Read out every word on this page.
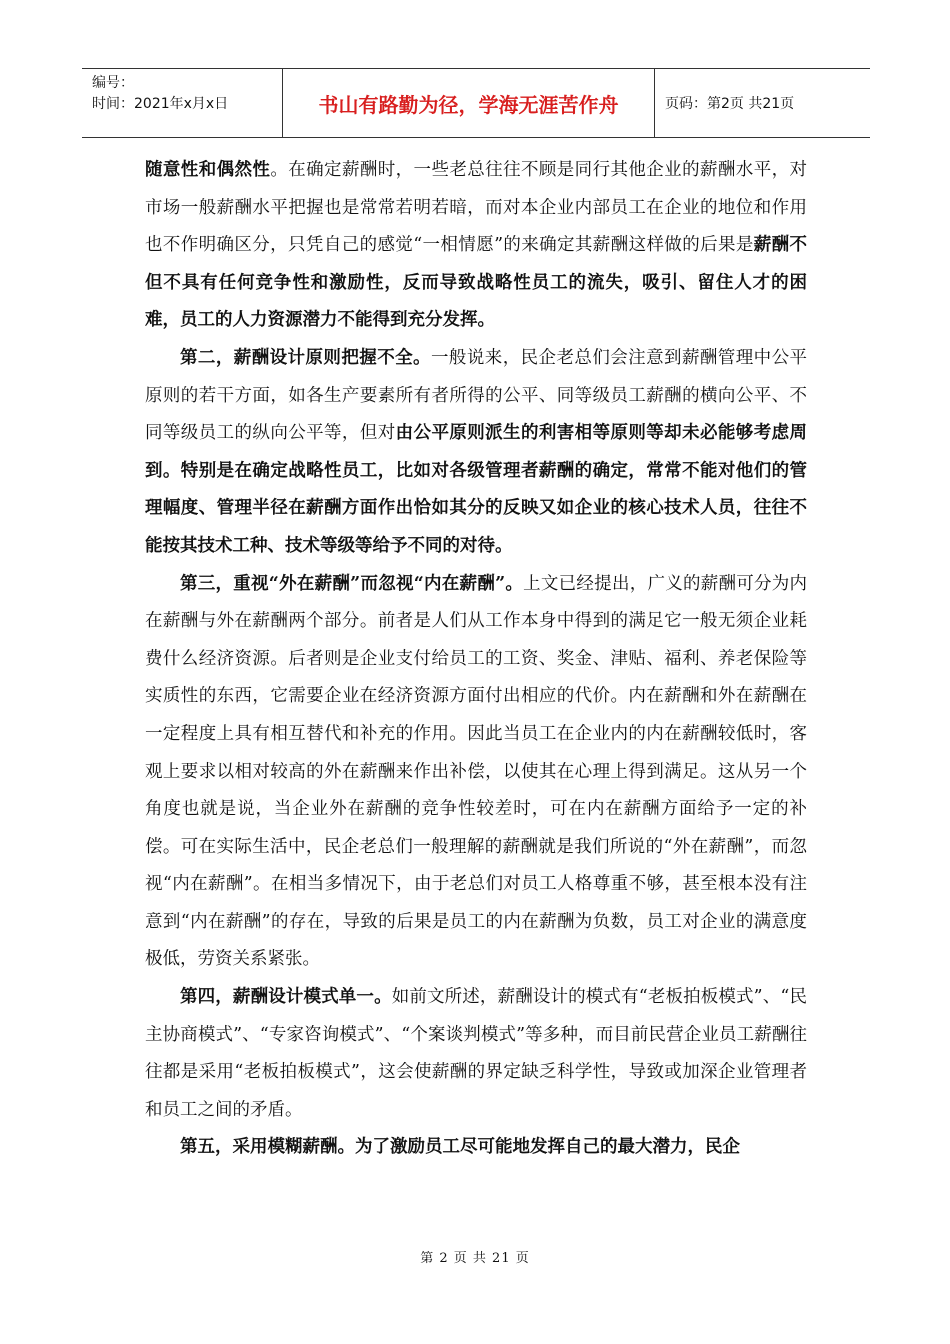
编号：
时间：2021年x月x日	书山有路勤为径，学海无涯苦作舟	页码：第2页 共21页

随意性和偶然性。在确定薪酬时，一些老总往往不顾是同行其他企业的薪酬水平，对市场一般薪酬水平把握也是常常若明若暗，而对本企业内部员工在企业的地位和作用也不作明确区分，只凭自己的感觉“一相情愿”的来确定其薪酬这样做的后果是薪酬不但不具有任何竞争性和激励性，反而导致战略性员工的流失，吸引、留住人才的困难，员工的人力资源潜力不能得到充分发挥。

第二，薪酬设计原则把握不全。一般说来，民企老总们会注意到薪酬管理中公平原则的若干方面，如各生产要素所有者所得的公平、同等级员工薪酬的横向公平、不同等级员工的纵向公平等，但对由公平原则派生的利害相等原则等却未必能够考虑周到。特别是在确定战略性员工，比如对各级管理者薪酬的确定，常常不能对他们的管理幅度、管理半径在薪酬方面作出恰如其分的反映又如企业的核心技术人员，往往不能按其技术工种、技术等级等给予不同的对待。

第三，重视“外在薪酬”而忽视“内在薪酬”。上文已经提出，广义的薪酬可分为内在薪酬与外在薪酬两个部分。前者是人们从工作本身中得到的满足它一般无须企业耗费什么经济资源。后者则是企业支付给员工的工资、奖金、津贴、福利、养老保险等实质性的东西，它需要企业在经济资源方面付出相应的代价。内在薪酬和外在薪酬在一定程度上具有相互替代和补充的作用。因此当员工在企业内的内在薪酬较低时，客观上要求以相对较高的外在薪酬来作出补偿，以使其在心理上得到满足。这从另一个角度也就是说，当企业外在薪酬的竞争性较差时，可在内在薪酬方面给予一定的补偿。可在实际生活中，民企老总们一般理解的薪酬就是我们所说的“外在薪酬”，而忽视“内在薪酬”。在相当多情况下，由于老总们对员工人格尊重不够，甚至根本没有注意到“内在薪酬”的存在，导致的后果是员工的内在薪酬为负数，员工对企业的满意度极低，劳资关系紧张。

第四，薪酬设计模式单一。如前文所述，薪酬设计的模式有“老板拍板模式”、“民主协商模式”、“专家咨询模式”、“个案谈判模式”等多种，而目前民营企业员工薪酬往往都是采用“老板拍板模式”，这会使薪酬的界定缺乏科学性，导致或加深企业管理者和员工之间的矛盾。

第五，采用模糊薪酬。为了激励员工尽可能地发挥自己的最大潜力，民企

第 2 页 共 21 页
